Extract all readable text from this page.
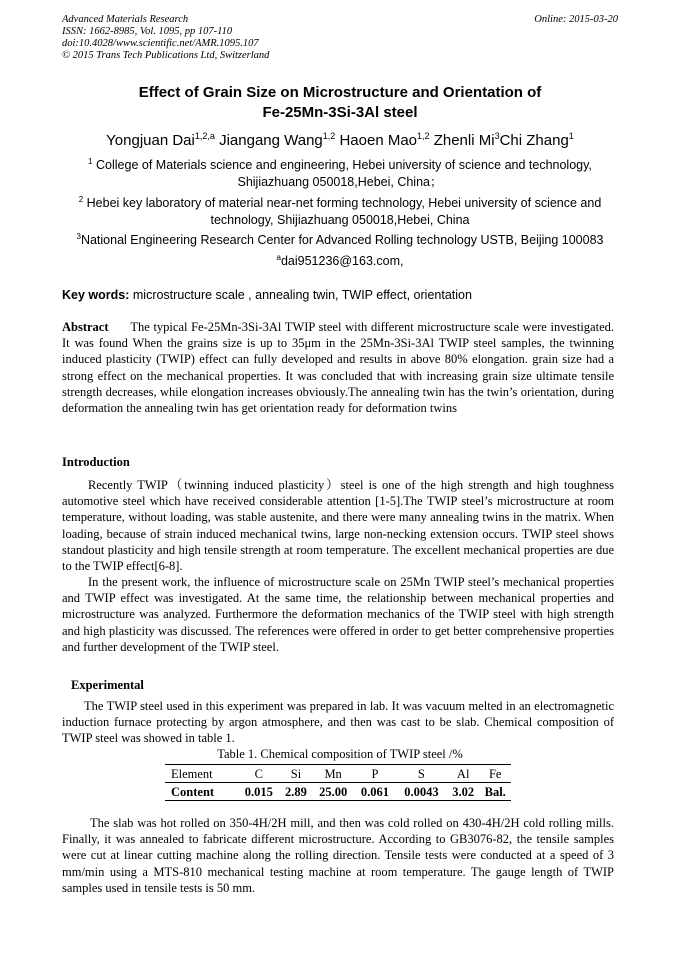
Advanced Materials Research
ISSN: 1662-8985, Vol. 1095, pp 107-110
doi:10.4028/www.scientific.net/AMR.1095.107
© 2015 Trans Tech Publications Ltd, Switzerland
Online: 2015-03-20
Effect of Grain Size on Microstructure and Orientation of
Fe-25Mn-3Si-3Al steel
Yongjuan Dai$^{1,2,a}$ Jiangang Wang$^{1,2}$ Haoen Mao$^{1,2}$ Zhenli Mi$^3$Chi Zhang$^1$
$^1$ College of Materials science and engineering, Hebei university of science and technology,
Shijiazhuang 050018,Hebei, China；
$^2$ Hebei key laboratory of material near-net forming technology, Hebei university of science and
technology, Shijiazhuang 050018,Hebei, China
$^3$National Engineering Research Center for Advanced Rolling technology USTB, Beijing 100083
$^a$dai951236@163.com,
Key words: microstructure scale , annealing twin, TWIP effect, orientation
Abstract The typical Fe-25Mn-3Si-3Al TWIP steel with different microstructure scale were investigated. It was found When the grains size is up to 35μm in the 25Mn-3Si-3Al TWIP steel samples, the twinning induced plasticity (TWIP) effect can fully developed and results in above 80% elongation. grain size had a strong effect on the mechanical properties. It was concluded that with increasing grain size ultimate tensile strength decreases, while elongation increases obviously.The annealing twin has the twin’s orientation, during deformation the annealing twin has get orientation ready for deformation twins
Introduction
Recently TWIP（twinning induced plasticity）steel is one of the high strength and high toughness automotive steel which have received considerable attention [1-5].The TWIP steel’s microstructure at room temperature, without loading, was stable austenite, and there were many annealing twins in the matrix. When loading, because of strain induced mechanical twins, large non-necking extension occurs. TWIP steel shows standout plasticity and high tensile strength at room temperature. The excellent mechanical properties are due to the TWIP effect[6-8].
In the present work, the influence of microstructure scale on 25Mn TWIP steel’s mechanical properties and TWIP effect was investigated. At the same time, the relationship between mechanical properties and microstructure was analyzed. Furthermore the deformation mechanics of the TWIP steel with high strength and high plasticity was discussed. The references were offered in order to get better comprehensive properties and further development of the TWIP steel.
Experimental
The TWIP steel used in this experiment was prepared in lab. It was vacuum melted in an electromagnetic induction furnace protecting by argon atmosphere, and then was cast to be slab. Chemical composition of TWIP steel was showed in table 1.
Table 1. Chemical composition of TWIP steel /%
Element	C	Si	Mn	P	S	Al	Fe
Content	0.015	2.89	25.00	0.061	0.0043	3.02	Bal.
The slab was hot rolled on 350-4H/2H mill, and then was cold rolled on 430-4H/2H cold rolling mills. Finally, it was annealed to fabricate different microstructure. According to GB3076-82, the tensile samples were cut at linear cutting machine along the rolling direction. Tensile tests were conducted at a speed of 3 mm/min using a MTS-810 mechanical testing machine at room temperature. The gauge length of TWIP samples used in tensile tests is 50 mm.
